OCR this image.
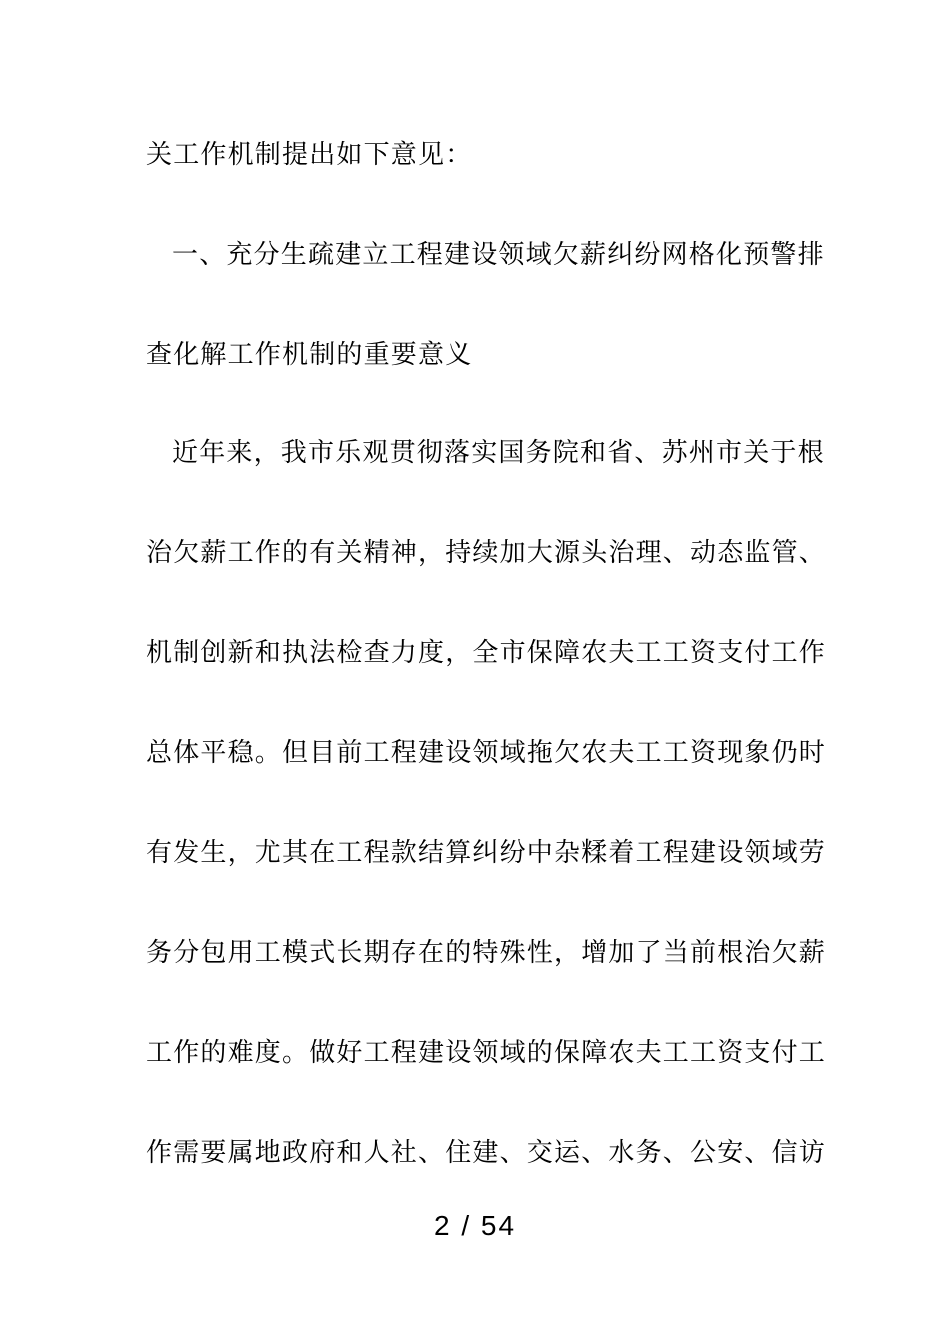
关工作机制提出如下意见：
一、充分生疏建立工程建设领域欠薪纠纷网格化预警排
查化解工作机制的重要意义
近年来，我市乐观贯彻落实国务院和省、苏州市关于根
治欠薪工作的有关精神，持续加大源头治理、动态监管、
机制创新和执法检查力度，全市保障农夫工工资支付工作
总体平稳。但目前工程建设领域拖欠农夫工工资现象仍时
有发生，尤其在工程款结算纠纷中杂糅着工程建设领域劳
务分包用工模式长期存在的特殊性，增加了当前根治欠薪
工作的难度。做好工程建设领域的保障农夫工工资支付工
作需要属地政府和人社、住建、交运、水务、公安、信访
2 / 54
